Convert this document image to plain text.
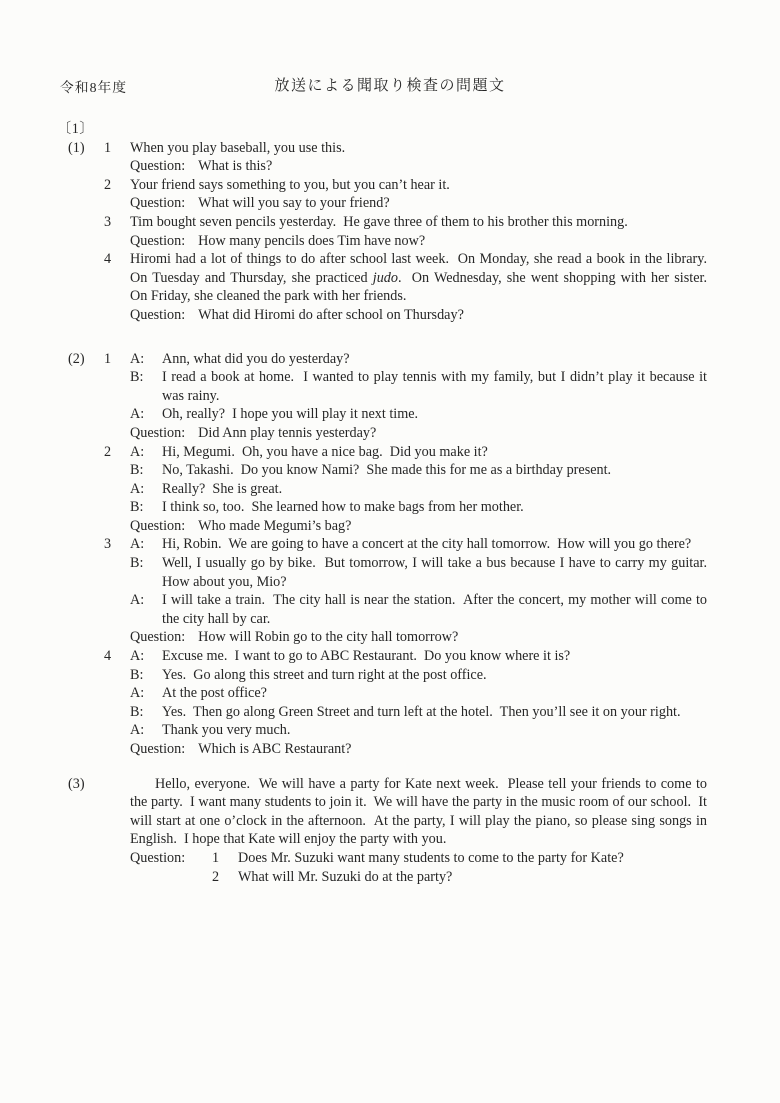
令和8年度	放送による聞取り検査の問題文
〔1〕
(1) 1	When you play baseball, you use this.
Question: What is this?
2	Your friend says something to you, but you can’t hear it.
Question: What will you say to your friend?
3	Tim bought seven pencils yesterday.  He gave three of them to his brother this morning.
Question: How many pencils does Tim have now?
4	Hiromi had a lot of things to do after school last week.  On Monday, she read a book in the library.  On Tuesday and Thursday, she practiced judo.  On Wednesday, she went shopping with her sister.  On Friday, she cleaned the park with her friends.
Question: What did Hiromi do after school on Thursday?
(2) 1	A: Ann, what did you do yesterday?
B: I read a book at home.  I wanted to play tennis with my family, but I didn’t play it because it was rainy.
A: Oh, really?  I hope you will play it next time.
Question: Did Ann play tennis yesterday?
2	A: Hi, Megumi.  Oh, you have a nice bag.  Did you make it?
B: No, Takashi.  Do you know Nami?  She made this for me as a birthday present.
A: Really?  She is great.
B: I think so, too.  She learned how to make bags from her mother.
Question: Who made Megumi’s bag?
3	A: Hi, Robin.  We are going to have a concert at the city hall tomorrow.  How will you go there?
B: Well, I usually go by bike.  But tomorrow, I will take a bus because I have to carry my guitar.  How about you, Mio?
A: I will take a train.  The city hall is near the station.  After the concert, my mother will come to the city hall by car.
Question: How will Robin go to the city hall tomorrow?
4	A: Excuse me.  I want to go to ABC Restaurant.  Do you know where it is?
B: Yes.  Go along this street and turn right at the post office.
A: At the post office?
B: Yes.  Then go along Green Street and turn left at the hotel.  Then you’ll see it on your right.
A: Thank you very much.
Question: Which is ABC Restaurant?
(3)	Hello, everyone.  We will have a party for Kate next week.  Please tell your friends to come to the party.  I want many students to join it.  We will have the party in the music room of our school.  It will start at one o’clock in the afternoon.  At the party, I will play the piano, so please sing songs in English.  I hope that Kate will enjoy the party with you.
Question:	1	Does Mr. Suzuki want many students to come to the party for Kate?
2	What will Mr. Suzuki do at the party?
